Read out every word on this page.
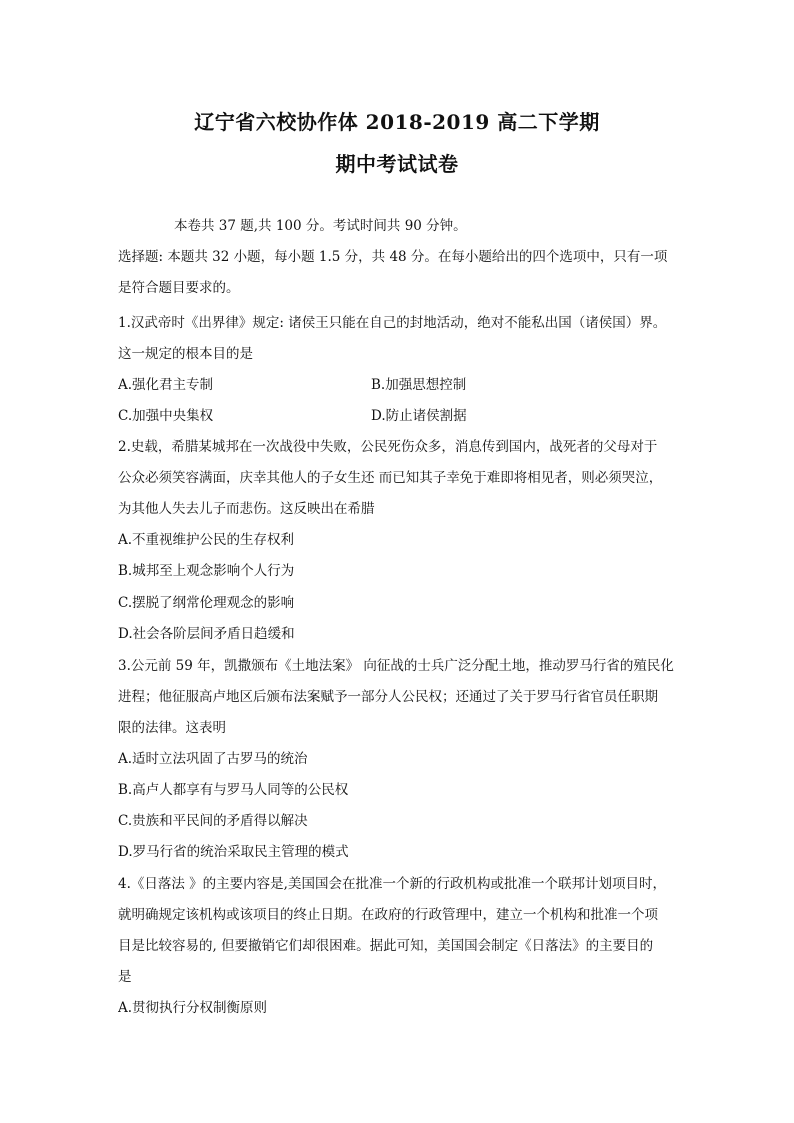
辽宁省六校协作体 2018-2019 高二下学期
期中考试试卷
本卷共 37 题,共 100 分。考试时间共 90 分钟。
选择题: 本题共 32 小题，每小题 1.5 分，共 48 分。在每小题给出的四个选项中，只有一项
是符合题目要求的。
1.汉武帝时《出界律》规定: 诸侯王只能在自己的封地活动，绝对不能私出国（诸侯国）界。
这一规定的根本目的是
A.强化君主专制	B.加强思想控制
C.加强中央集权	D.防止诸侯割据
2.史载，希腊某城邦在一次战役中失败，公民死伤众多，消息传到国内，战死者的父母对于
公众必须笑容满面，庆幸其他人的子女生还 而已知其子幸免于难即将相见者，则必须哭泣，
为其他人失去儿子而悲伤。这反映出在希腊
A.不重视维护公民的生存权利
B.城邦至上观念影响个人行为
C.摆脱了纲常伦理观念的影响
D.社会各阶层间矛盾日趋缓和
3.公元前 59 年，凯撒颁布《土地法案》 向征战的士兵广泛分配土地，推动罗马行省的殖民化
进程；他征服高卢地区后颁布法案赋予一部分人公民权；还通过了关于罗马行省官员任职期
限的法律。这表明
A.适时立法巩固了古罗马的统治
B.高卢人都享有与罗马人同等的公民权
C.贵族和平民间的矛盾得以解决
D.罗马行省的统治采取民主管理的模式
4.《日落法 》的主要内容是,美国国会在批准一个新的行政机构或批准一个联邦计划项目时，
就明确规定该机构或该项目的终止日期。在政府的行政管理中，建立一个机构和批准一个项
目是比较容易的, 但要撤销它们却很困难。据此可知，美国国会制定《日落法》的主要目的
是
A.贯彻执行分权制衡原则
